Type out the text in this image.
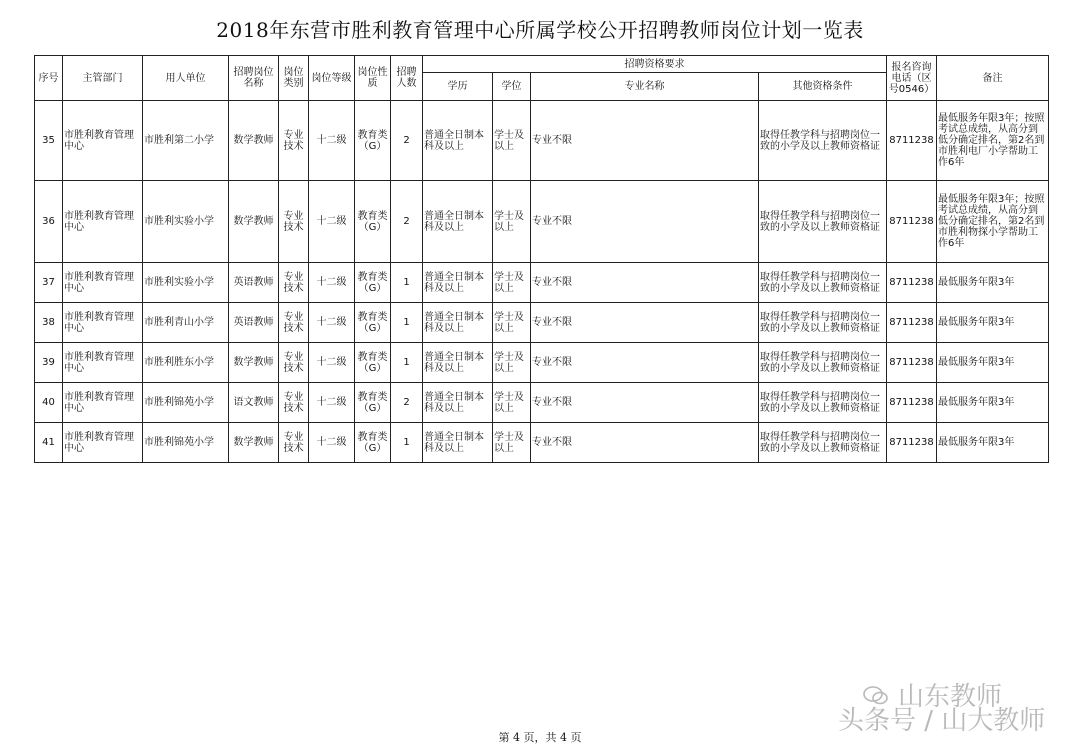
2018年东营市胜利教育管理中心所属学校公开招聘教师岗位计划一览表
序号	主管部门	用人单位	招聘岗位名称	岗位类别	岗位等级	岗位性质	招聘人数	招聘资格要求				报名咨询电话（区号0546）	备注
								学历	学位	专业名称	其他资格条件		
35	市胜利教育管理中心	市胜利第二小学	数学教师	专业技术	十二级	教育类（G）	2	普通全日制本科及以上	学士及以上	专业不限	取得任教学科与招聘岗位一致的小学及以上教师资格证	8711238	最低服务年限3年；按照考试总成绩，从高分到低分确定排名，第2名到市胜利电厂小学帮助工作6年
36	市胜利教育管理中心	市胜利实验小学	数学教师	专业技术	十二级	教育类（G）	2	普通全日制本科及以上	学士及以上	专业不限	取得任教学科与招聘岗位一致的小学及以上教师资格证	8711238	最低服务年限3年；按照考试总成绩，从高分到低分确定排名，第2名到市胜利物探小学帮助工作6年
37	市胜利教育管理中心	市胜利实验小学	英语教师	专业技术	十二级	教育类（G）	1	普通全日制本科及以上	学士及以上	专业不限	取得任教学科与招聘岗位一致的小学及以上教师资格证	8711238	最低服务年限3年
38	市胜利教育管理中心	市胜利青山小学	英语教师	专业技术	十二级	教育类（G）	1	普通全日制本科及以上	学士及以上	专业不限	取得任教学科与招聘岗位一致的小学及以上教师资格证	8711238	最低服务年限3年
39	市胜利教育管理中心	市胜利胜东小学	数学教师	专业技术	十二级	教育类（G）	1	普通全日制本科及以上	学士及以上	专业不限	取得任教学科与招聘岗位一致的小学及以上教师资格证	8711238	最低服务年限3年
40	市胜利教育管理中心	市胜利锦苑小学	语文教师	专业技术	十二级	教育类（G）	2	普通全日制本科及以上	学士及以上	专业不限	取得任教学科与招聘岗位一致的小学及以上教师资格证	8711238	最低服务年限3年
41	市胜利教育管理中心	市胜利锦苑小学	数学教师	专业技术	十二级	教育类（G）	1	普通全日制本科及以上	学士及以上	专业不限	取得任教学科与招聘岗位一致的小学及以上教师资格证	8711238	最低服务年限3年
第 4 页，共 4 页
山东教师
头条号 / 山大教师
